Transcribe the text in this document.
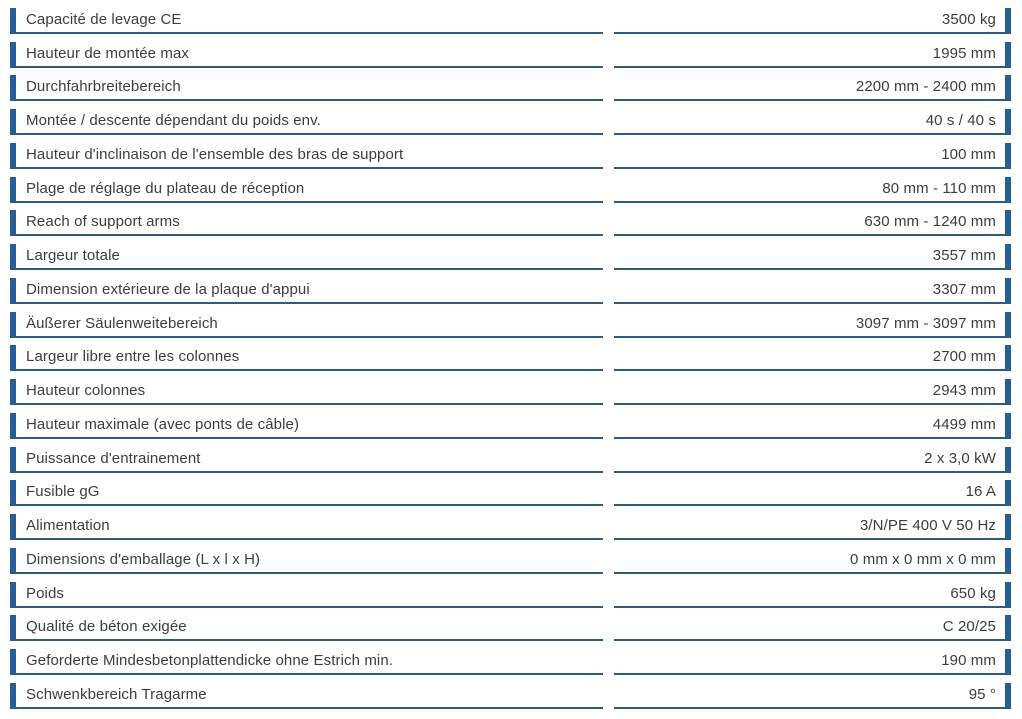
Capacité de levage CE	3500 kg
Hauteur de montée max	1995 mm
Durchfahrbreitebereich	2200 mm - 2400 mm
Montée / descente dépendant du poids env.	40 s / 40 s
Hauteur d'inclinaison de l'ensemble des bras de support	100 mm
Plage de réglage du plateau de réception	80 mm - 110 mm
Reach of support arms	630 mm - 1240 mm
Largeur totale	3557 mm
Dimension extérieure de la plaque d'appui	3307 mm
Äußerer Säulenweitebereich	3097 mm - 3097 mm
Largeur libre entre les colonnes	2700 mm
Hauteur colonnes	2943 mm
Hauteur maximale (avec ponts de câble)	4499 mm
Puissance d'entrainement	2 x 3,0 kW
Fusible gG	16 A
Alimentation	3/N/PE 400 V 50 Hz
Dimensions d'emballage (L x l x H)	0 mm x 0 mm x 0 mm
Poids	650 kg
Qualité de béton exigée	C 20/25
Geforderte Mindesbetonplattendicke ohne Estrich min.	190 mm
Schwenkbereich Tragarme	95 °
